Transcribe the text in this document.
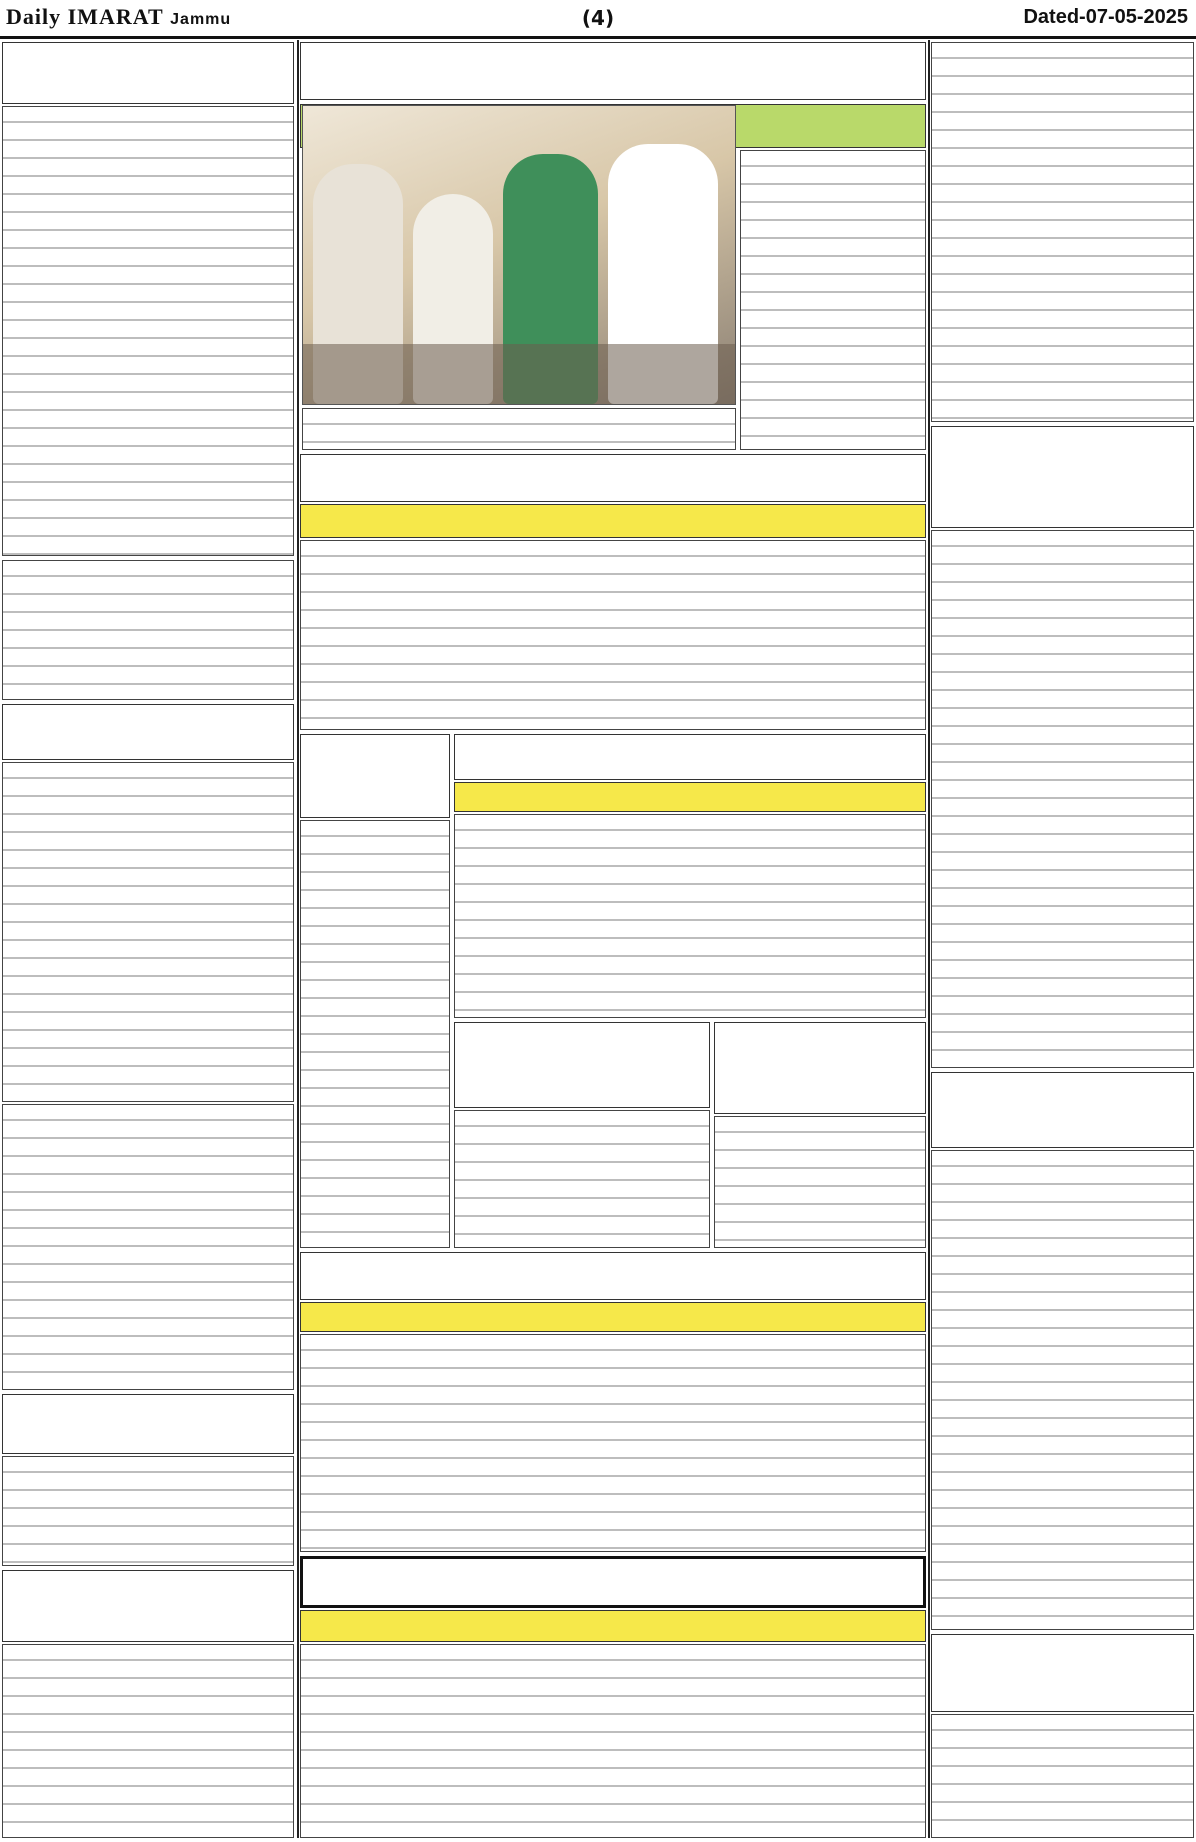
Daily IMARAT Jammu	(4)	Dated-07-05-2025
